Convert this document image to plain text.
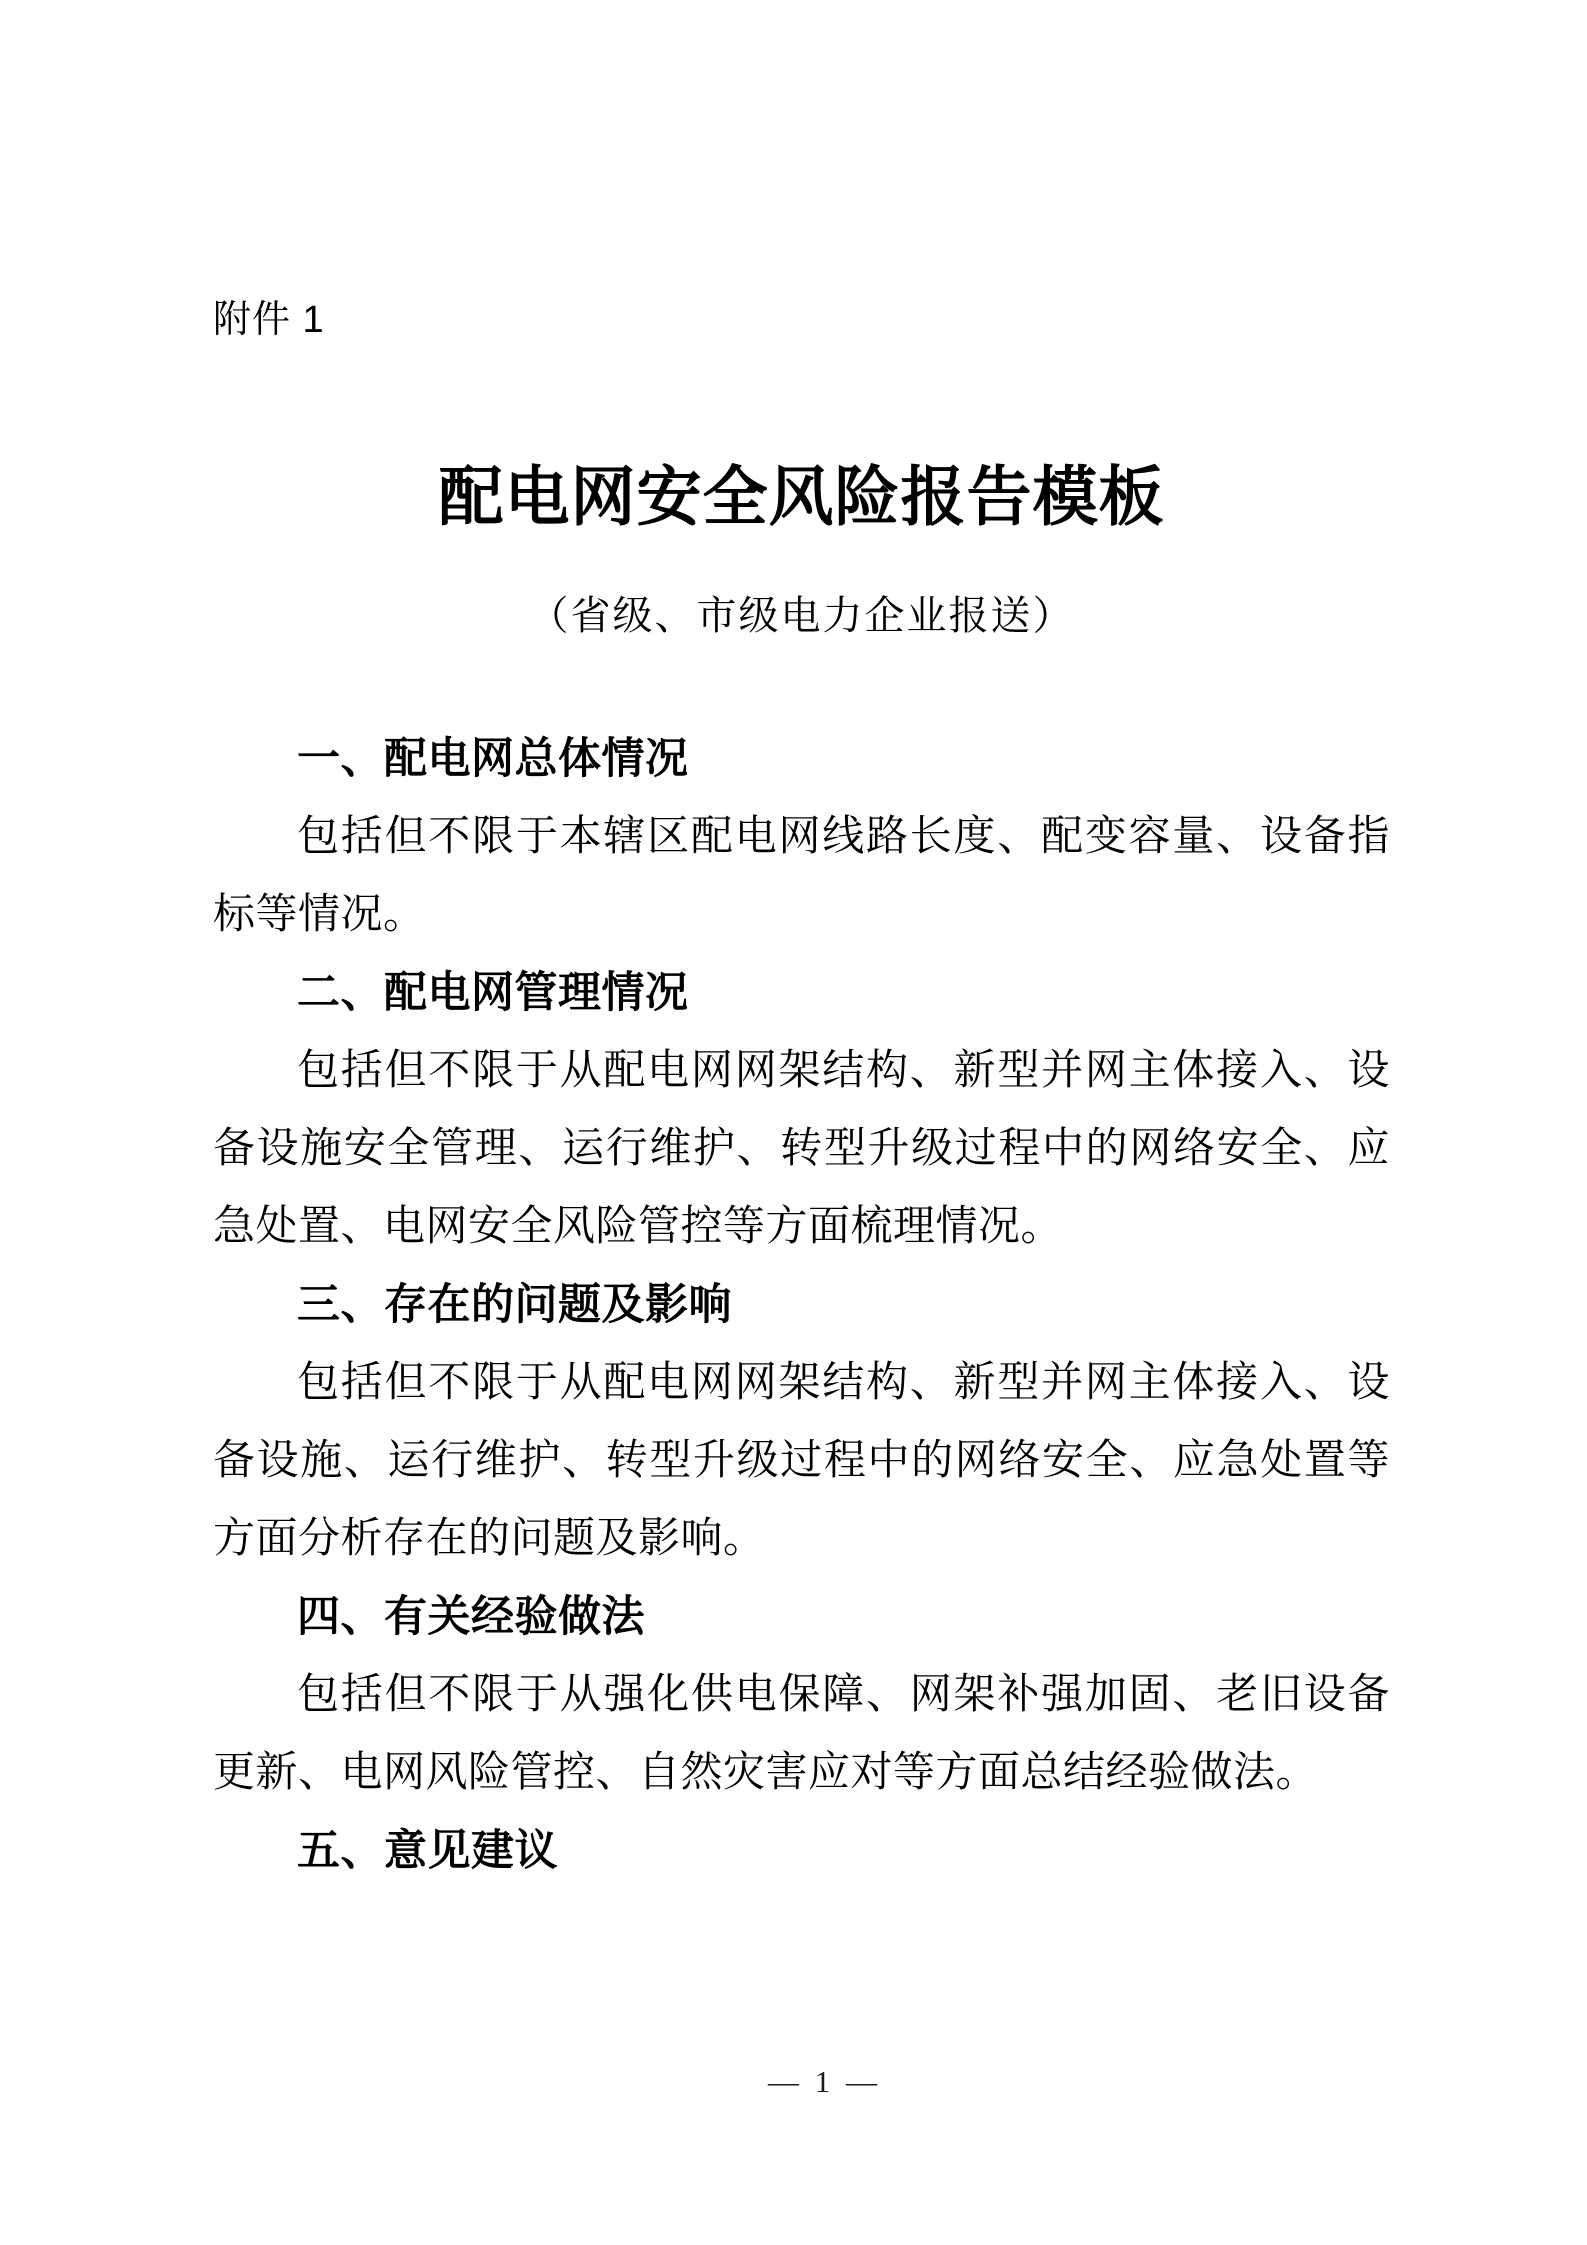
附件 1
配电网安全风险报告模板
（省级、市级电力企业报送）
一、配电网总体情况

包括但不限于本辖区配电网线路长度、配变容量、设备指标等情况。

二、配电网管理情况

包括但不限于从配电网网架结构、新型并网主体接入、设备设施安全管理、运行维护、转型升级过程中的网络安全、应急处置、电网安全风险管控等方面梳理情况。

三、存在的问题及影响

包括但不限于从配电网网架结构、新型并网主体接入、设备设施、运行维护、转型升级过程中的网络安全、应急处置等方面分析存在的问题及影响。

四、有关经验做法

包括但不限于从强化供电保障、网架补强加固、老旧设备更新、电网风险管控、自然灾害应对等方面总结经验做法。

五、意见建议
— 1 —
